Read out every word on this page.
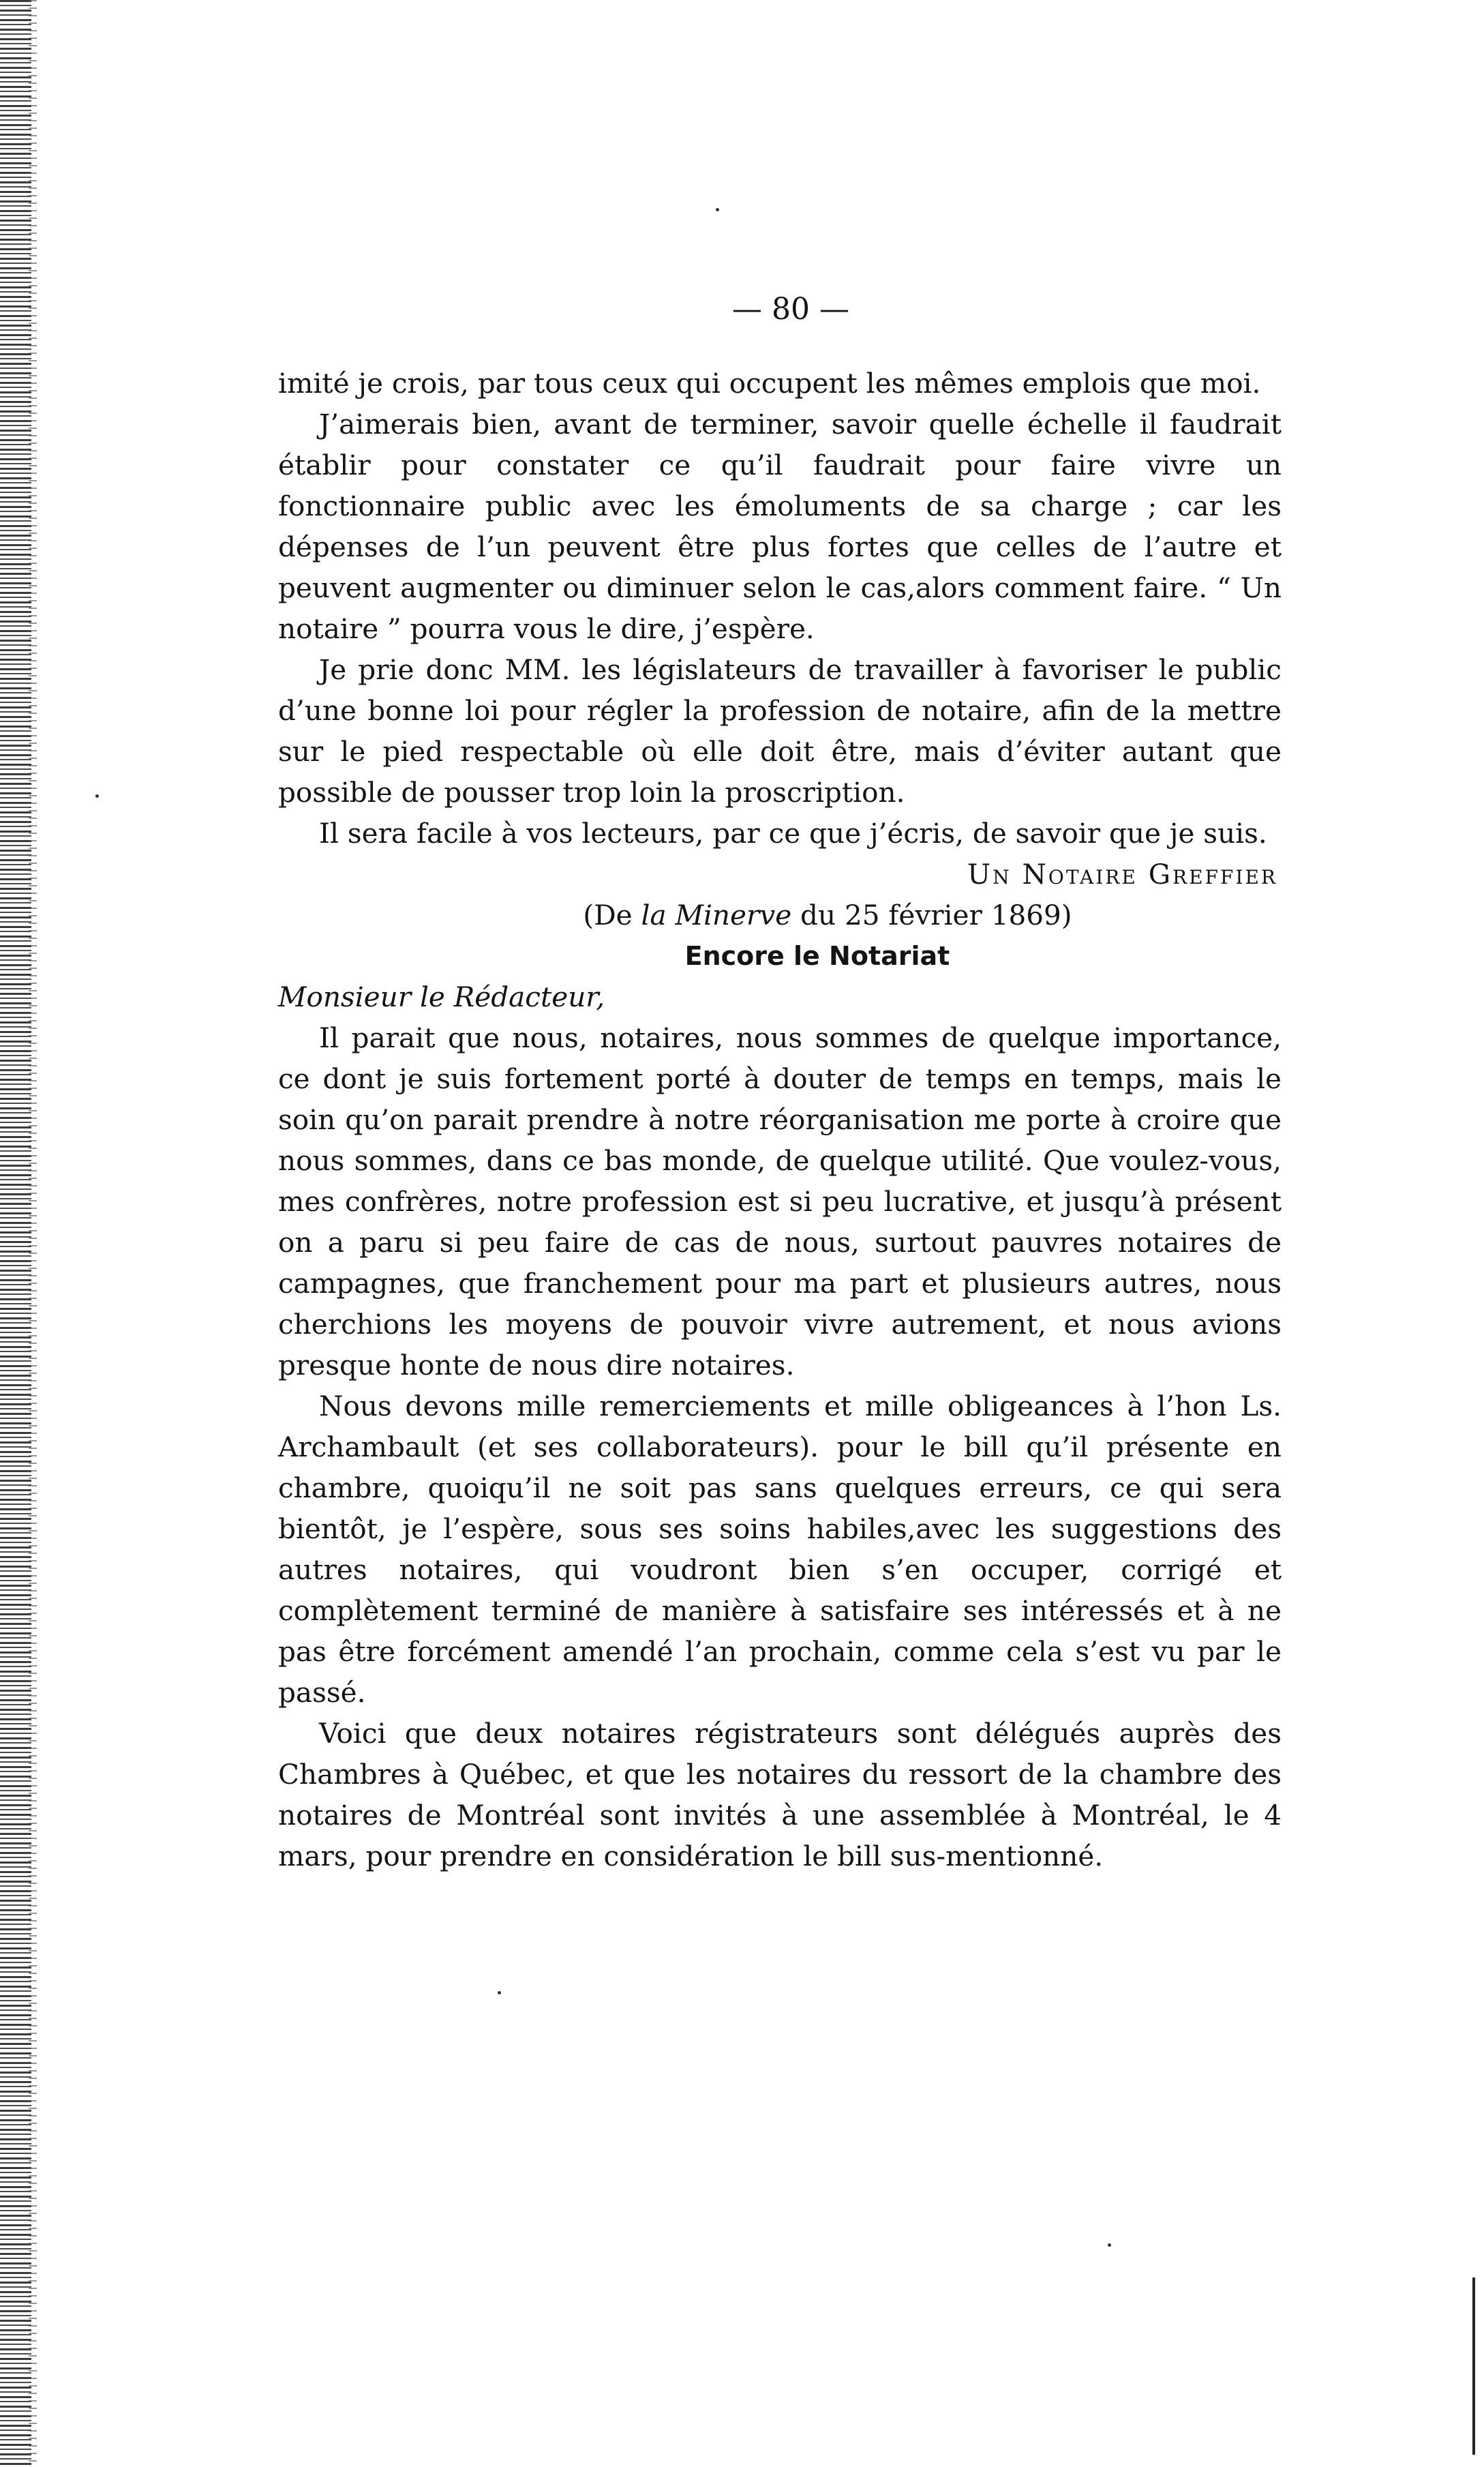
— 80 —

imité je crois, par tous ceux qui occupent les mêmes emplois que moi.

J’aimerais bien, avant de terminer, savoir quelle échelle il faudrait établir pour constater ce qu’il faudrait pour faire vivre un fonctionnaire public avec les émoluments de sa charge ; car les dépenses de l’un peuvent être plus fortes que celles de l’autre et peuvent augmenter ou diminuer selon le cas,alors comment faire. “ Un notaire ” pourra vous le dire, j’espère.

Je prie donc MM. les législateurs de travailler à favoriser le public d’une bonne loi pour régler la profession de notaire, afin de la mettre sur le pied respectable où elle doit être, mais d’éviter autant que possible de pousser trop loin la proscription.

Il sera facile à vos lecteurs, par ce que j’écris, de savoir que je suis.

Un Notaire Greffier

(De la Minerve du 25 février 1869)

Encore le Notariat

Monsieur le Rédacteur,

Il parait que nous, notaires, nous sommes de quelque importance, ce dont je suis fortement porté à douter de temps en temps, mais le soin qu’on parait prendre à notre réorganisation me porte à croire que nous sommes, dans ce bas monde, de quelque utilité. Que voulez-vous, mes confrères, notre profession est si peu lucrative, et jusqu’à présent on a paru si peu faire de cas de nous, surtout pauvres notaires de campagnes, que franchement pour ma part et plusieurs autres, nous cherchions les moyens de pouvoir vivre autrement, et nous avions presque honte de nous dire notaires.

Nous devons mille remerciements et mille obligeances à l’hon Ls. Archambault (et ses collaborateurs). pour le bill qu’il présente en chambre, quoiqu’il ne soit pas sans quelques erreurs, ce qui sera bientôt, je l’espère, sous ses soins habiles,avec les suggestions des autres notaires, qui voudront bien s’en occuper, corrigé et complètement terminé de manière à satisfaire ses intéressés et à ne pas être forcément amendé l’an prochain, comme cela s’est vu par le passé.

Voici que deux notaires régistrateurs sont délégués auprès des Chambres à Québec, et que les notaires du ressort de la chambre des notaires de Montréal sont invités à une assemblée à Montréal, le 4 mars, pour prendre en considération le bill sus-mentionné.
